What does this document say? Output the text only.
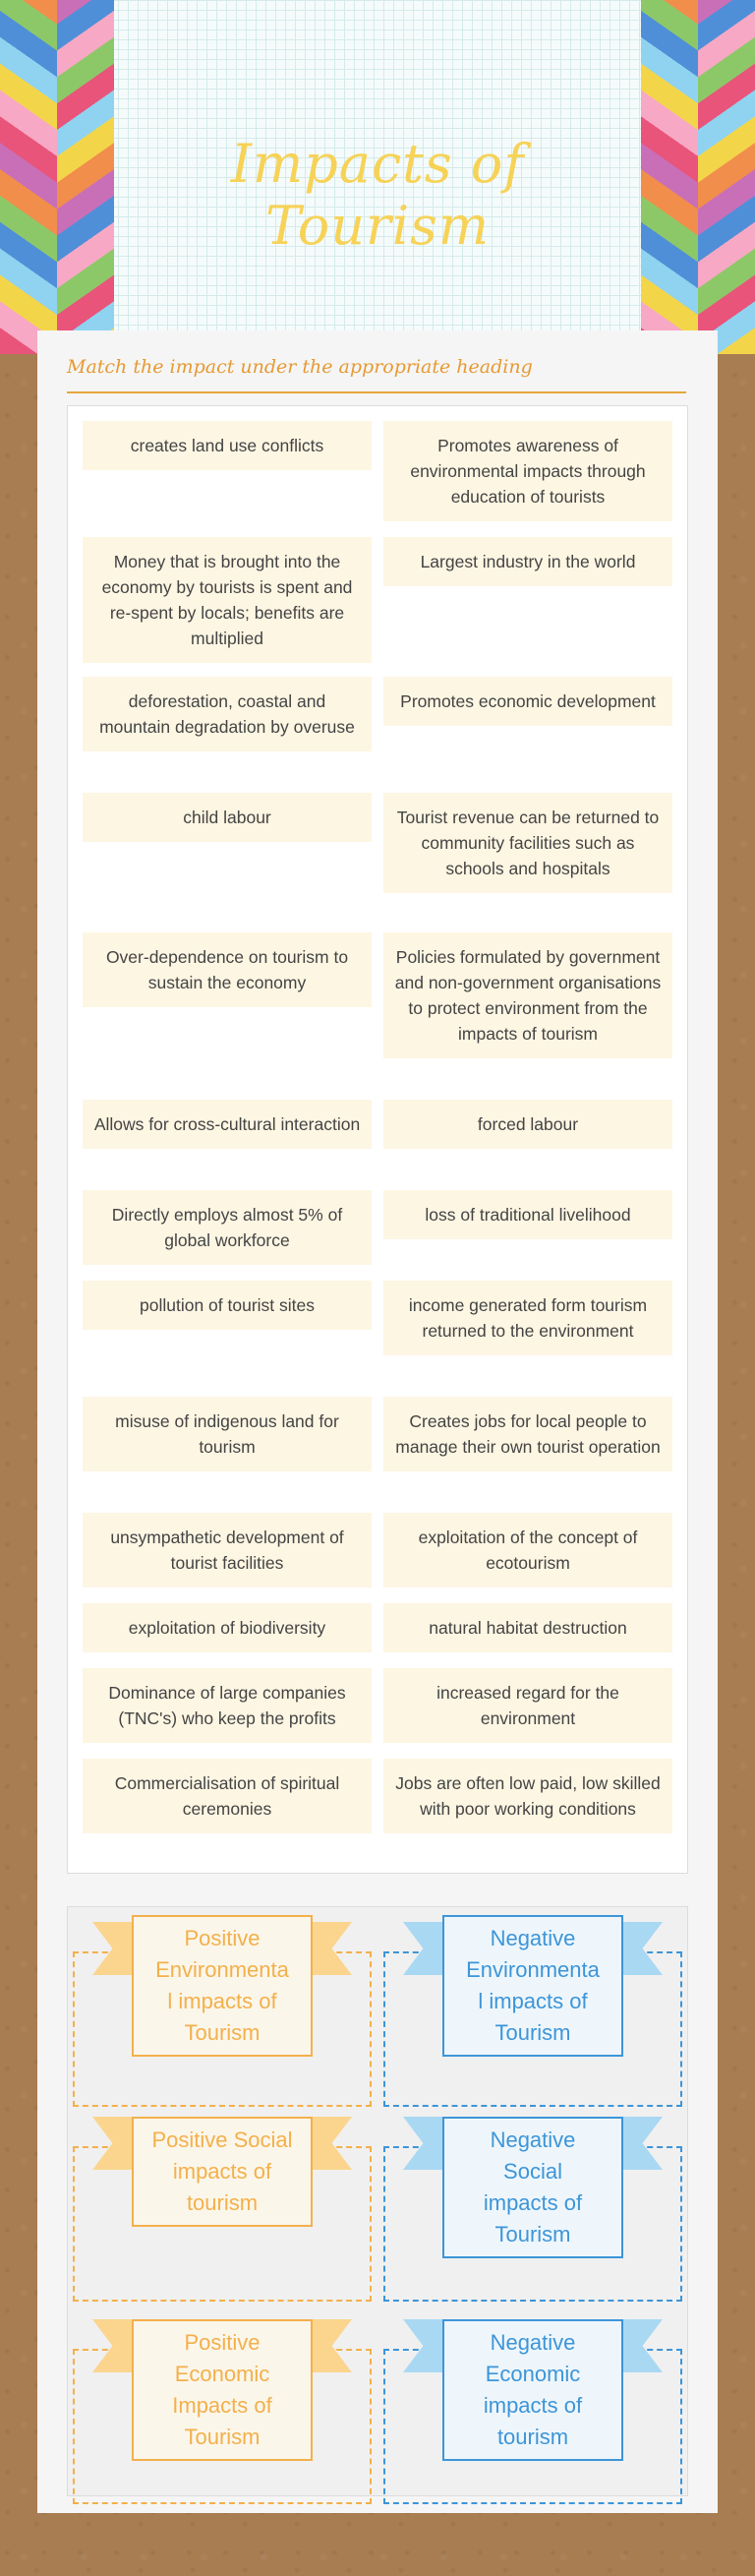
Impacts of Tourism
Match the impact under the appropriate heading
creates land use conflicts
Money that is brought into the economy by tourists is spent and re-spent by locals; benefits are multiplied
deforestation, coastal and mountain degradation by overuse
child labour
Over-dependence on tourism to sustain the economy
Allows for cross-cultural interaction
Directly employs almost 5% of global workforce
pollution of tourist sites
misuse of indigenous land for tourism
unsympathetic development of tourist facilities
exploitation of biodiversity
Dominance of large companies (TNC's) who keep the profits
Commercialisation of spiritual ceremonies
Promotes awareness of environmental impacts through education of tourists
Largest industry in the world
Promotes economic development
Tourist revenue can be returned to community facilities such as schools and hospitals
Policies formulated by government and non-government organisations to protect environment from the impacts of tourism
forced labour
loss of traditional livelihood
income generated form tourism returned to the environment
Creates jobs for local people to manage their own tourist operation
exploitation of the concept of ecotourism
natural habitat destruction
increased regard for the environment
Jobs are often low paid, low skilled with poor working conditions
Positive
Environmenta
l impacts of
Tourism
Negative
Environmenta
l impacts of
Tourism
Positive Social
impacts of
tourism
Negative
Social
impacts of
Tourism
Positive
Economic
Impacts of
Tourism
Negative
Economic
impacts of
tourism
